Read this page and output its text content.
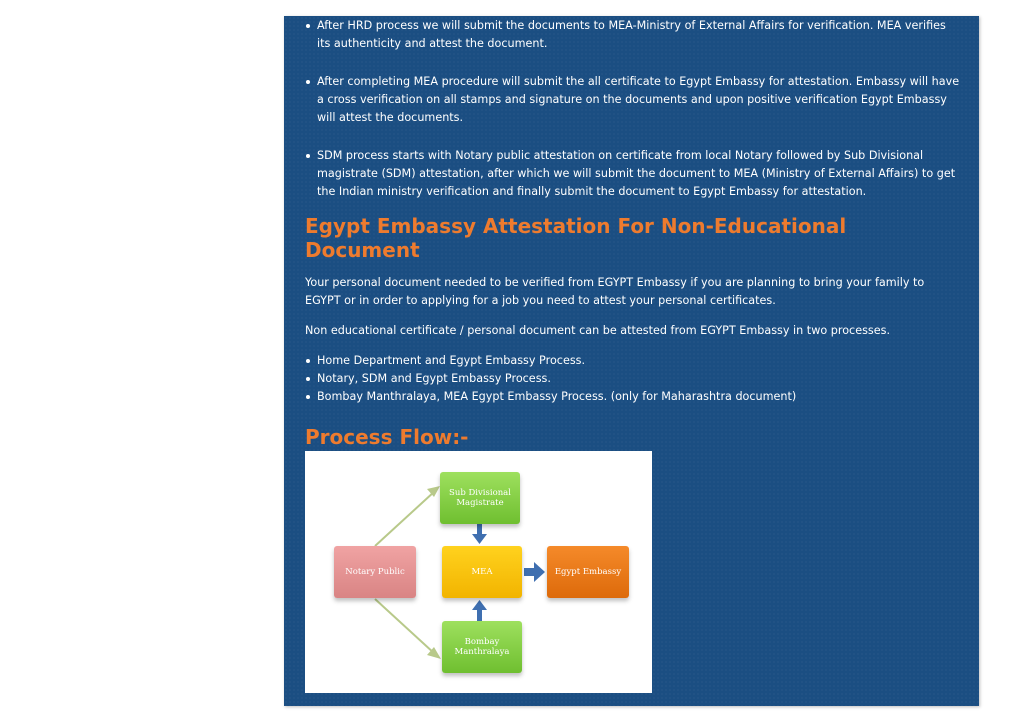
After HRD process we will submit the documents to MEA-Ministry of External Affairs for verification. MEA verifies its authenticity and attest the document.
After completing MEA procedure will submit the all certificate to Egypt Embassy for attestation. Embassy will have a cross verification on all stamps and signature on the documents and upon positive verification Egypt Embassy will attest the documents.
SDM process starts with Notary public attestation on certificate from local Notary followed by Sub Divisional magistrate (SDM) attestation, after which we will submit the document to MEA (Ministry of External Affairs) to get the Indian ministry verification and finally submit the document to Egypt Embassy for attestation.
Egypt Embassy Attestation For Non-Educational Document

Your personal document needed to be verified from EGYPT Embassy if you are planning to bring your family to EGYPT or in order to applying for a job you need to attest your personal certificates.

Non educational certificate / personal document can be attested from EGYPT Embassy in two processes.

Home Department and Egypt Embassy Process.
Notary, SDM and Egypt Embassy Process.
Bombay Manthralaya, MEA Egypt Embassy Process. (only for Maharashtra document)
Process Flow:-
Notary Public
Sub Divisional
Magistrate
MEA	Egypt Embassy
Bombay
Manthralaya
